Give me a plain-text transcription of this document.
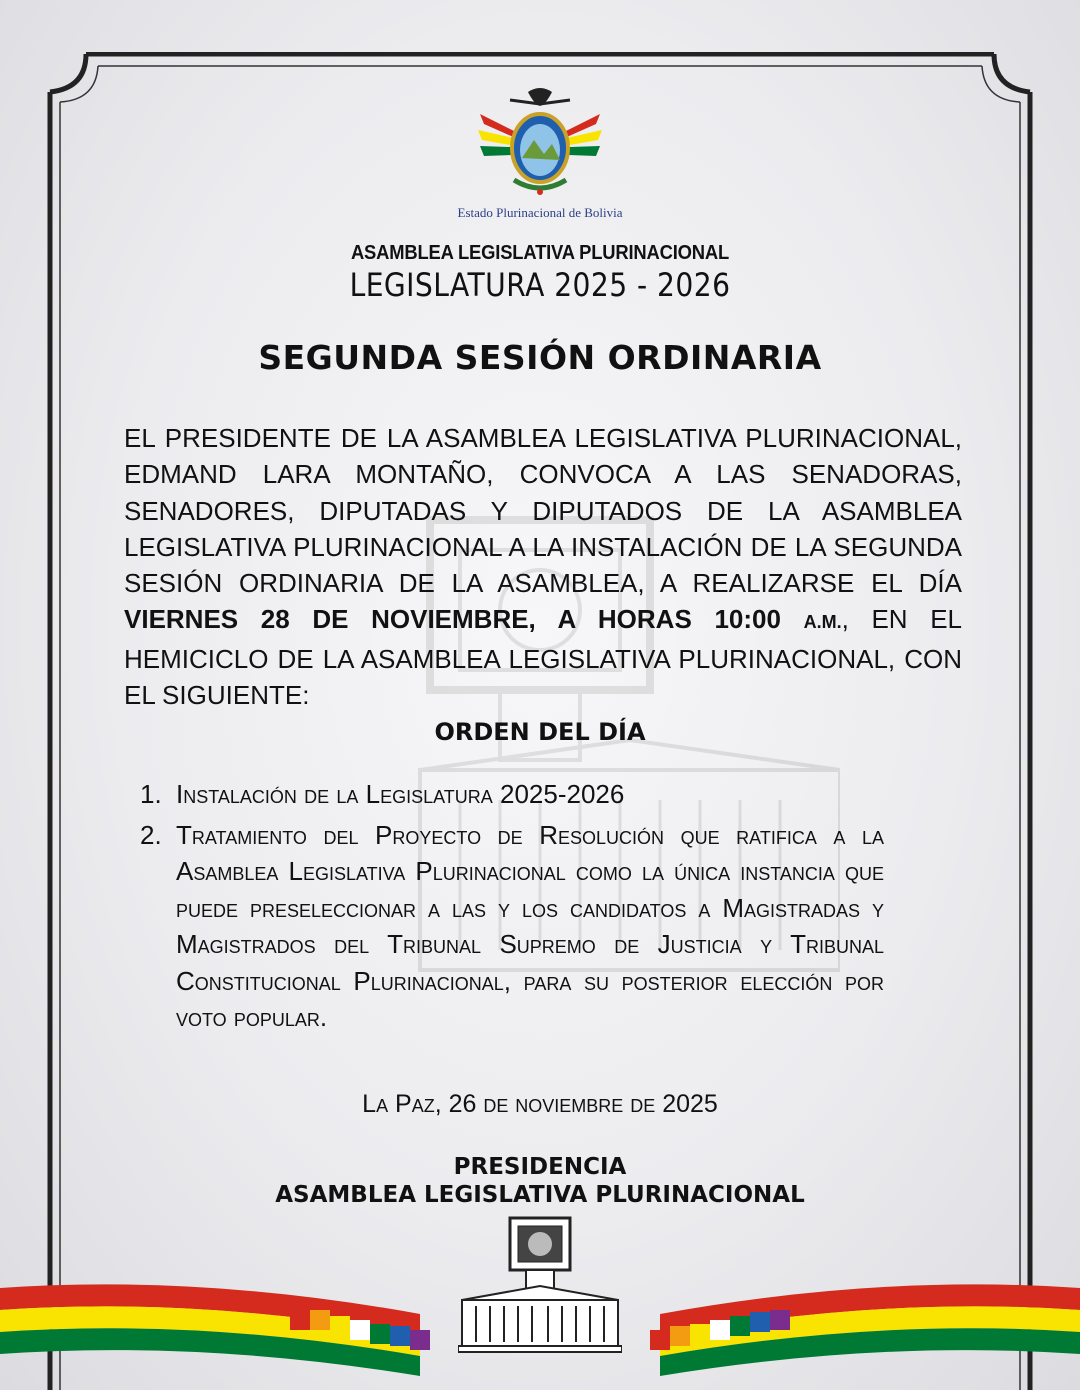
Estado Plurinacional de Bolivia
ASAMBLEA LEGISLATIVA PLURINACIONAL
LEGISLATURA 2025 - 2026
SEGUNDA SESIÓN ORDINARIA
EL PRESIDENTE DE LA ASAMBLEA LEGISLATIVA PLURINACIONAL, EDMAND LARA MONTAÑO, CONVOCA A LAS SENADORAS, SENADORES, DIPUTADAS Y DIPUTADOS DE LA ASAMBLEA LEGISLATIVA PLURINACIONAL A LA INSTALACIÓN DE LA SEGUNDA SESIÓN ORDINARIA DE LA ASAMBLEA, A REALIZARSE EL DÍA VIERNES 28 DE NOVIEMBRE, A HORAS 10:00 A.M., EN EL HEMICICLO DE LA ASAMBLEA LEGISLATIVA PLURINACIONAL, CON EL SIGUIENTE:
ORDEN DEL DÍA
1. Instalación de la Legislatura 2025-2026
2. Tratamiento del Proyecto de Resolución que ratifica a la Asamblea Legislativa Plurinacional como la única instancia que puede preseleccionar a las y los candidatos a Magistradas y Magistrados del Tribunal Supremo de Justicia y Tribunal Constitucional Plurinacional, para su posterior elección por voto popular.
La Paz, 26 de noviembre de 2025
PRESIDENCIA
ASAMBLEA LEGISLATIVA PLURINACIONAL
